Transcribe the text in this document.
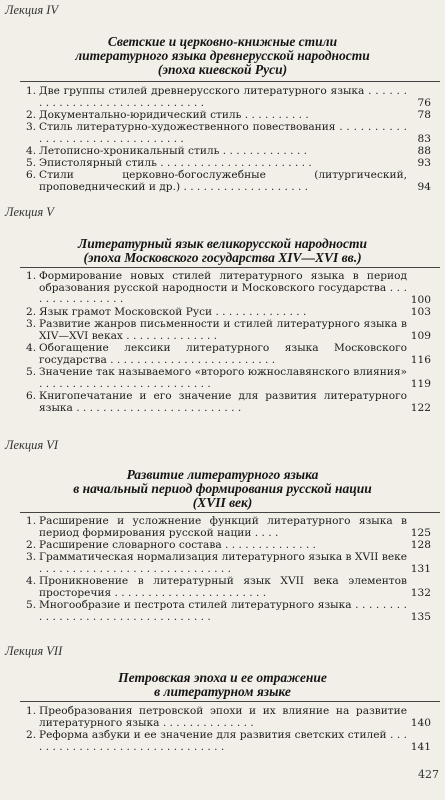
Лекция IV
Светские и церковно-книжные стили
литературного языка древнерусской народности
(эпоха киевской Руси)
1. Две группы стилей древнерусского литературного языка . . . . . . . . . . . . . . . . . . . . . . . . . . . . . . .	76
2. Документально-юридический стиль . . . . . . . . . .	78
3. Стиль литературно-художественного повествования . . . . . . . . . . . . . . . . . . . . . . . . . . . . . . . .	83
4. Летописно-хроникальный стиль . . . . . . . . . . . . .	88
5. Эпистолярный стиль . . . . . . . . . . . . . . . . . . . . . . .	93
6. Стили церковно-богослужебные (литургический, проповеднический и др.) . . . . . . . . . . . . . . . . . . .	94
Лекция V
Литературный язык великорусской народности
(эпоха Московского государства XIV—XVI вв.)
1. Формирование новых стилей литературного языка в период образования русской народности и Московского государства . . . . . . . . . . . . . . . .	100
2. Язык грамот Московской Руси . . . . . . . . . . . . . .	103
3. Развитие жанров письменности и стилей литературного языка в XIV—XVI веках . . . . . . . . . . . . . .	109
4. Обогащение лексики литературного языка Московского государства . . . . . . . . . . . . . . . . . . . . . . . . .	116
5. Значение так называемого «второго южнославянского влияния» . . . . . . . . . . . . . . . . . . . . . . . . . .	119
6. Книгопечатание и его значение для развития литературного языка . . . . . . . . . . . . . . . . . . . . . . . . .	122
Лекция VI
Развитие литературного языка
в начальный период формирования русской нации
(XVII век)
1. Расширение и усложнение функций литературного языка в период формирования русской нации . . . .	125
2. Расширение словарного состава . . . . . . . . . . . . . .	128
3. Грамматическая нормализация литературного языка в XVII веке . . . . . . . . . . . . . . . . . . . . . . . . . . . . .	131
4. Проникновение в литературный язык XVII века элементов просторечия . . . . . . . . . . . . . . . . . . . . . . .	132
5. Многообразие и пестрота стилей литературного языка . . . . . . . . . . . . . . . . . . . . . . . . . . . . . . . . . .	135
Лекция VII
Петровская эпоха и ее отражение
в литературном языке
1. Преобразования петровской эпохи и их влияние на развитие литературного языка . . . . . . . . . . . . . .	140
2. Реформа азбуки и ее значение для развития светских стилей . . . . . . . . . . . . . . . . . . . . . . . . . . . . . . .	141
427
